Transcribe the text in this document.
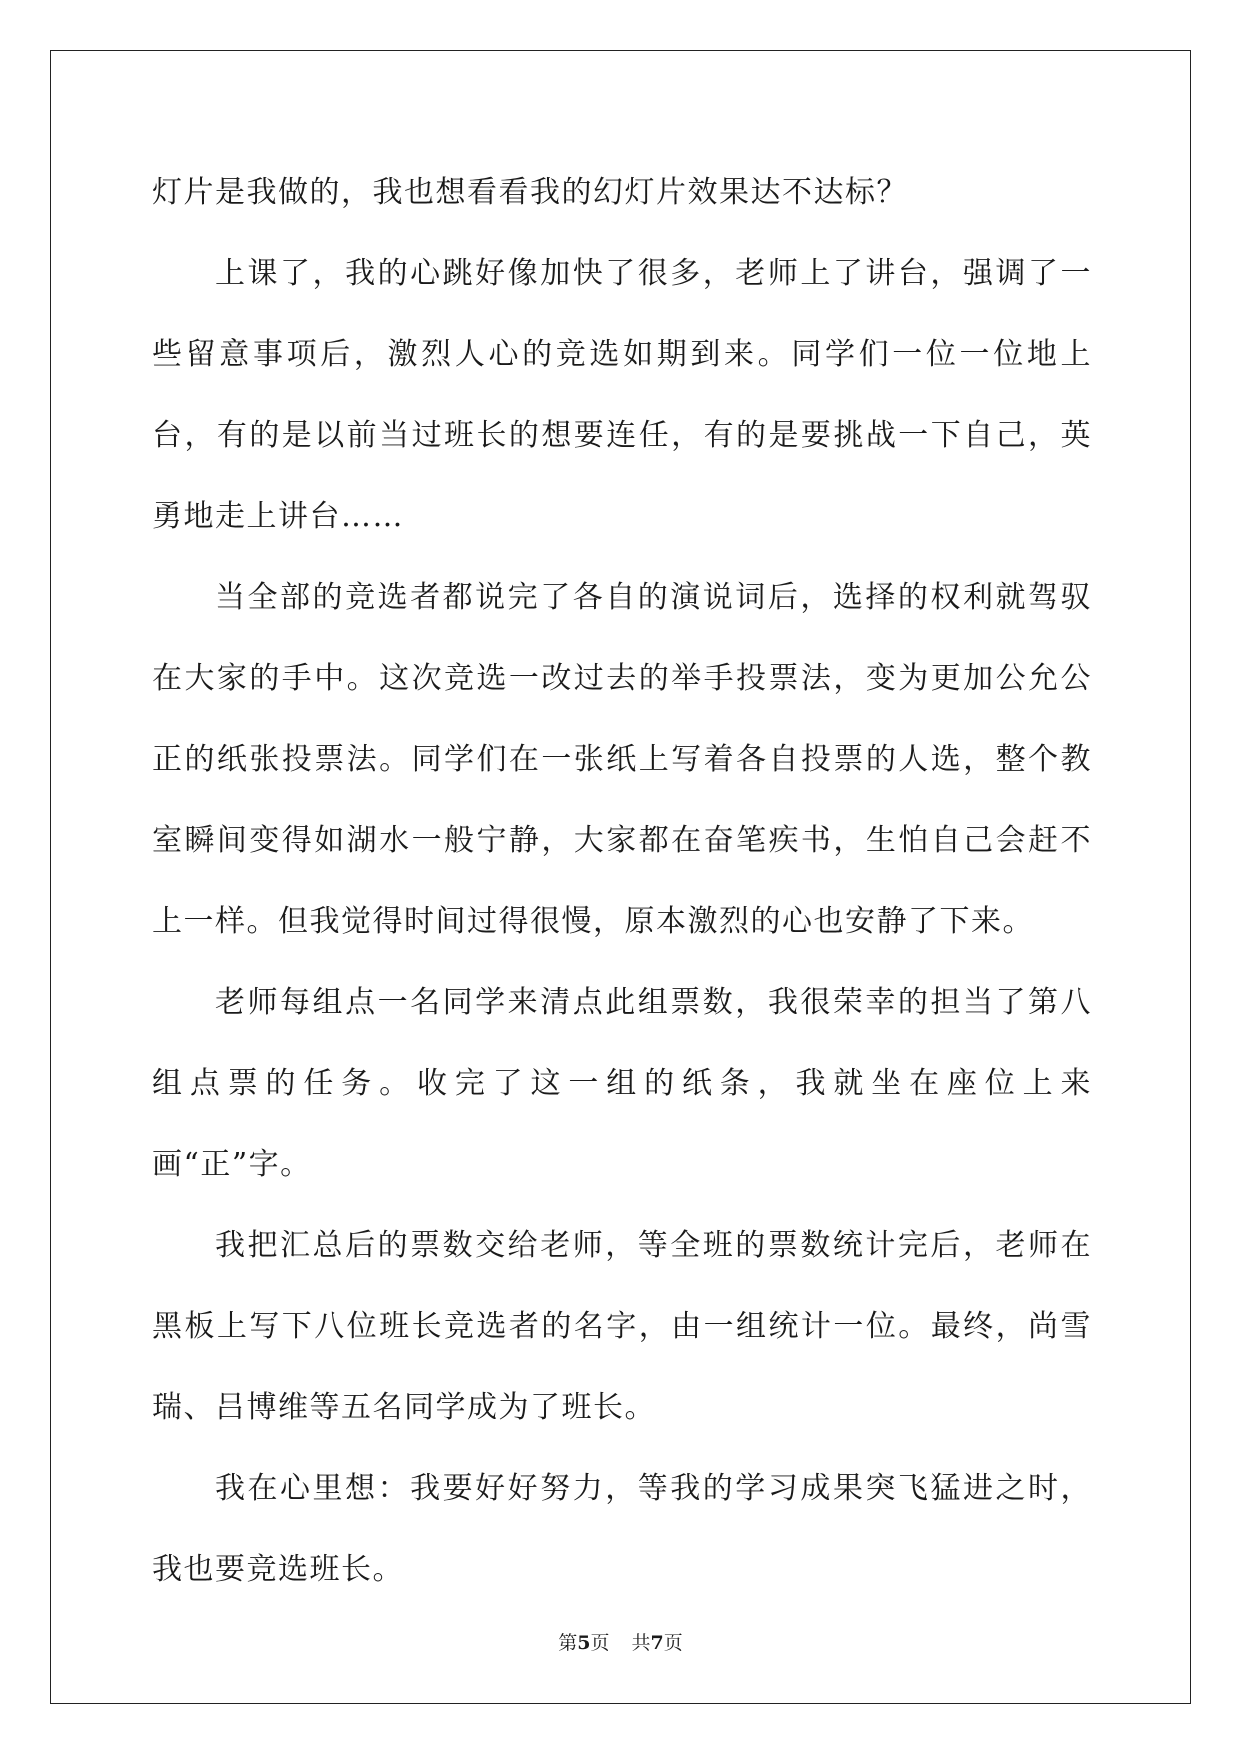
灯片是我做的，我也想看看我的幻灯片效果达不达标？

上课了，我的心跳好像加快了很多，老师上了讲台，强调了一些留意事项后，激烈人心的竞选如期到来。同学们一位一位地上台，有的是以前当过班长的想要连任，有的是要挑战一下自己，英勇地走上讲台……

当全部的竞选者都说完了各自的演说词后，选择的权利就驾驭在大家的手中。这次竞选一改过去的举手投票法，变为更加公允公正的纸张投票法。同学们在一张纸上写着各自投票的人选，整个教室瞬间变得如湖水一般宁静，大家都在奋笔疾书，生怕自己会赶不上一样。但我觉得时间过得很慢，原本激烈的心也安静了下来。

老师每组点一名同学来清点此组票数，我很荣幸的担当了第八组点票的任务。收完了这一组的纸条，我就坐在座位上来画“正”字。

我把汇总后的票数交给老师，等全班的票数统计完后，老师在黑板上写下八位班长竞选者的名字，由一组统计一位。最终，尚雪瑞、吕博维等五名同学成为了班长。

我在心里想：我要好好努力，等我的学习成果突飞猛进之时，我也要竞选班长。

第5页 共7页
